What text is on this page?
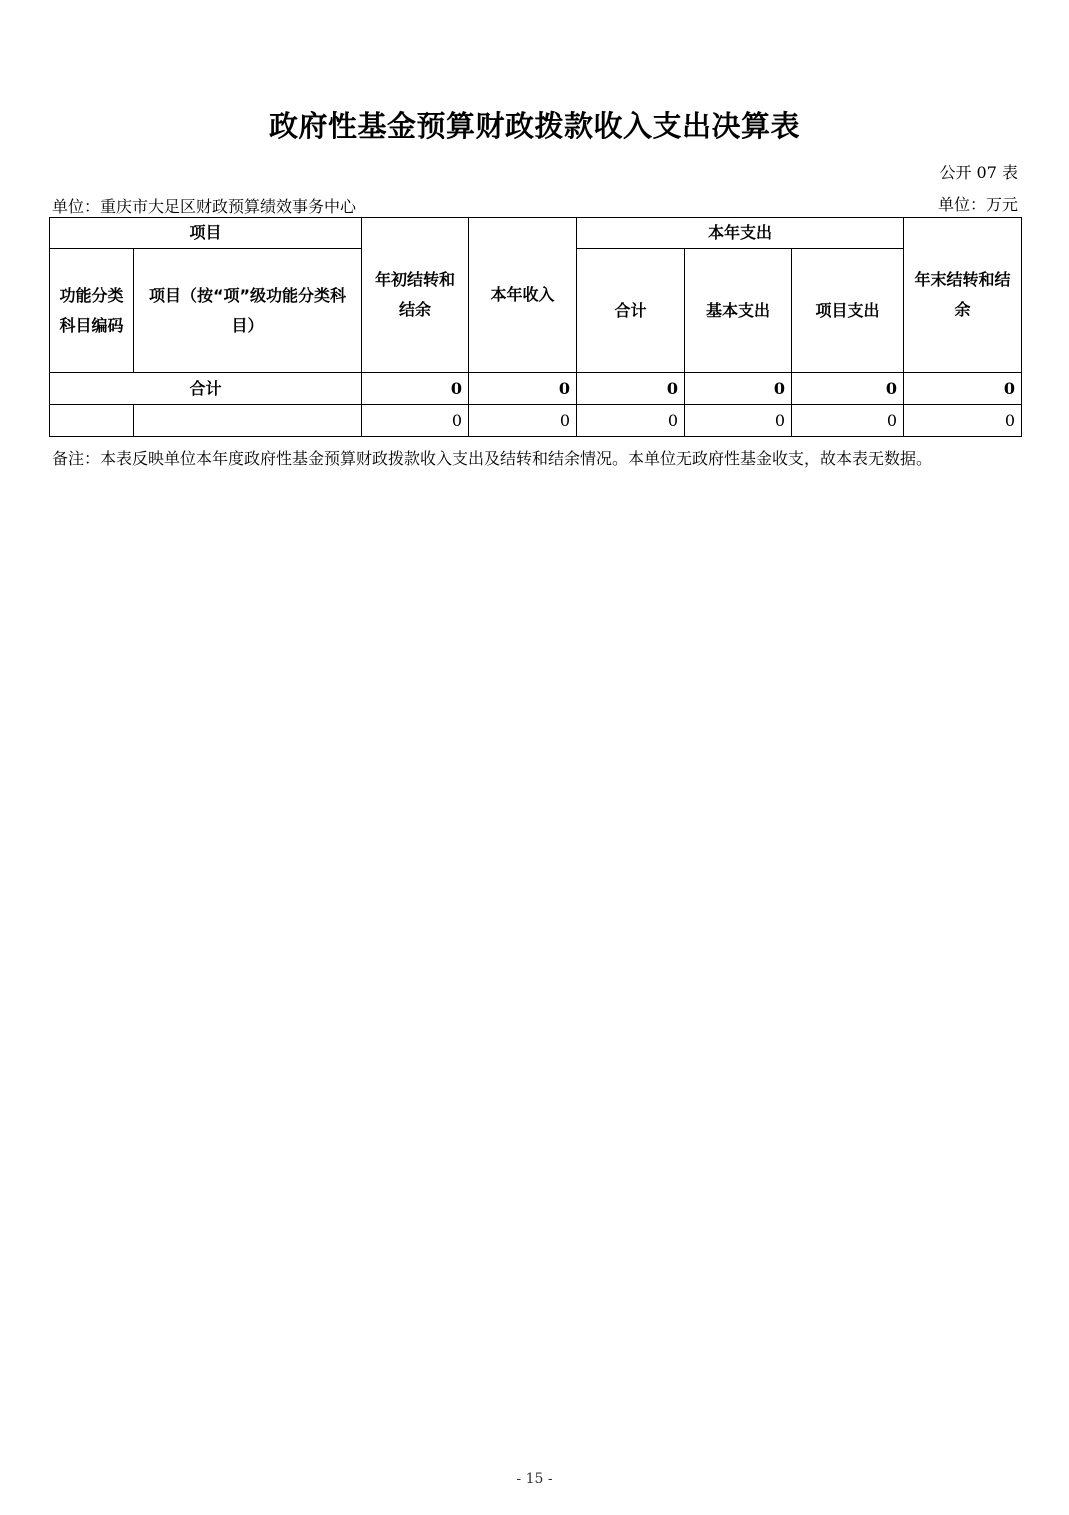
政府性基金预算财政拨款收入支出决算表
公开 07 表
单位：重庆市大足区财政预算绩效事务中心	单位：万元
项目		年初结转和结余	本年收入	本年支出			年末结转和结余
功能分类科目编码	项目（按“项”级功能分类科目）			合计	基本支出	项目支出	
合计		0	0	0	0	0	0
		0	0	0	0	0	0
备注：本表反映单位本年度政府性基金预算财政拨款收入支出及结转和结余情况。本单位无政府性基金收支，故本表无数据。
- 15 -
